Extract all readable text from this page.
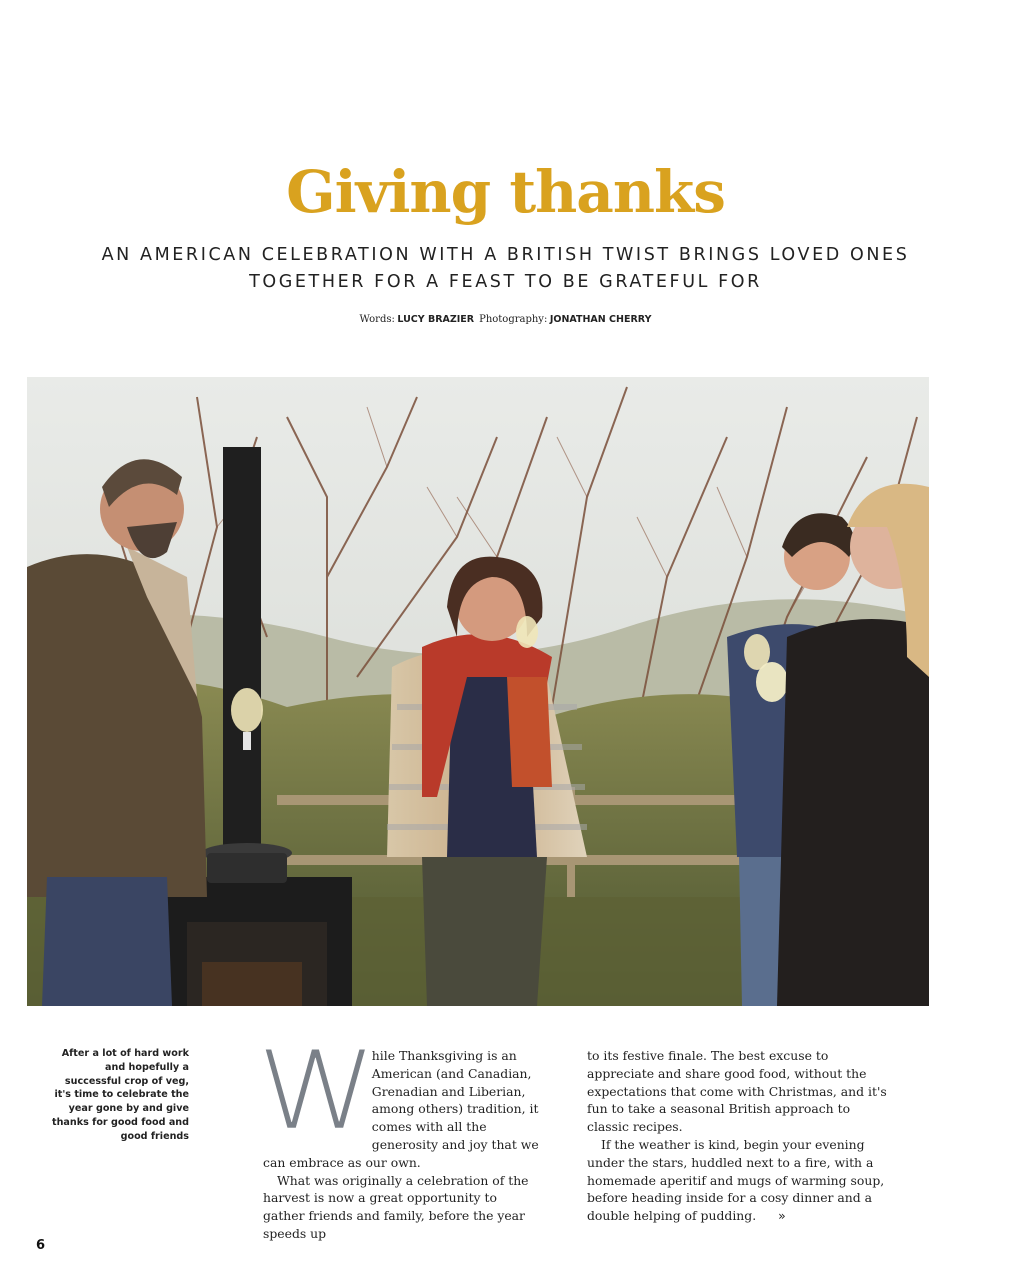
Giving thanks
AN AMERICAN CELEBRATION WITH A BRITISH TWIST BRINGS LOVED ONES TOGETHER FOR A FEAST TO BE GRATEFUL FOR
Words: LUCY BRAZIER Photography: JONATHAN CHERRY
After a lot of hard work and hopefully a successful crop of veg, it's time to celebrate the year gone by and give thanks for good food and good friends W

hile Thanksgiving is an American (and Canadian, Grenadian and Liberian, among others) tradition, it comes with all the generosity and joy that we can embrace as our own.

What was originally a celebration of the harvest is now a great opportunity to gather friends and family, before the year speeds up

to its festive finale. The best excuse to appreciate and share good food, without the expectations that come with Christmas, and it's fun to take a seasonal British approach to classic recipes.

If the weather is kind, begin your evening under the stars, huddled next to a fire, with a homemade aperitif and mugs of warming soup, before heading inside for a cosy dinner and a double helping of pudding. »

6
